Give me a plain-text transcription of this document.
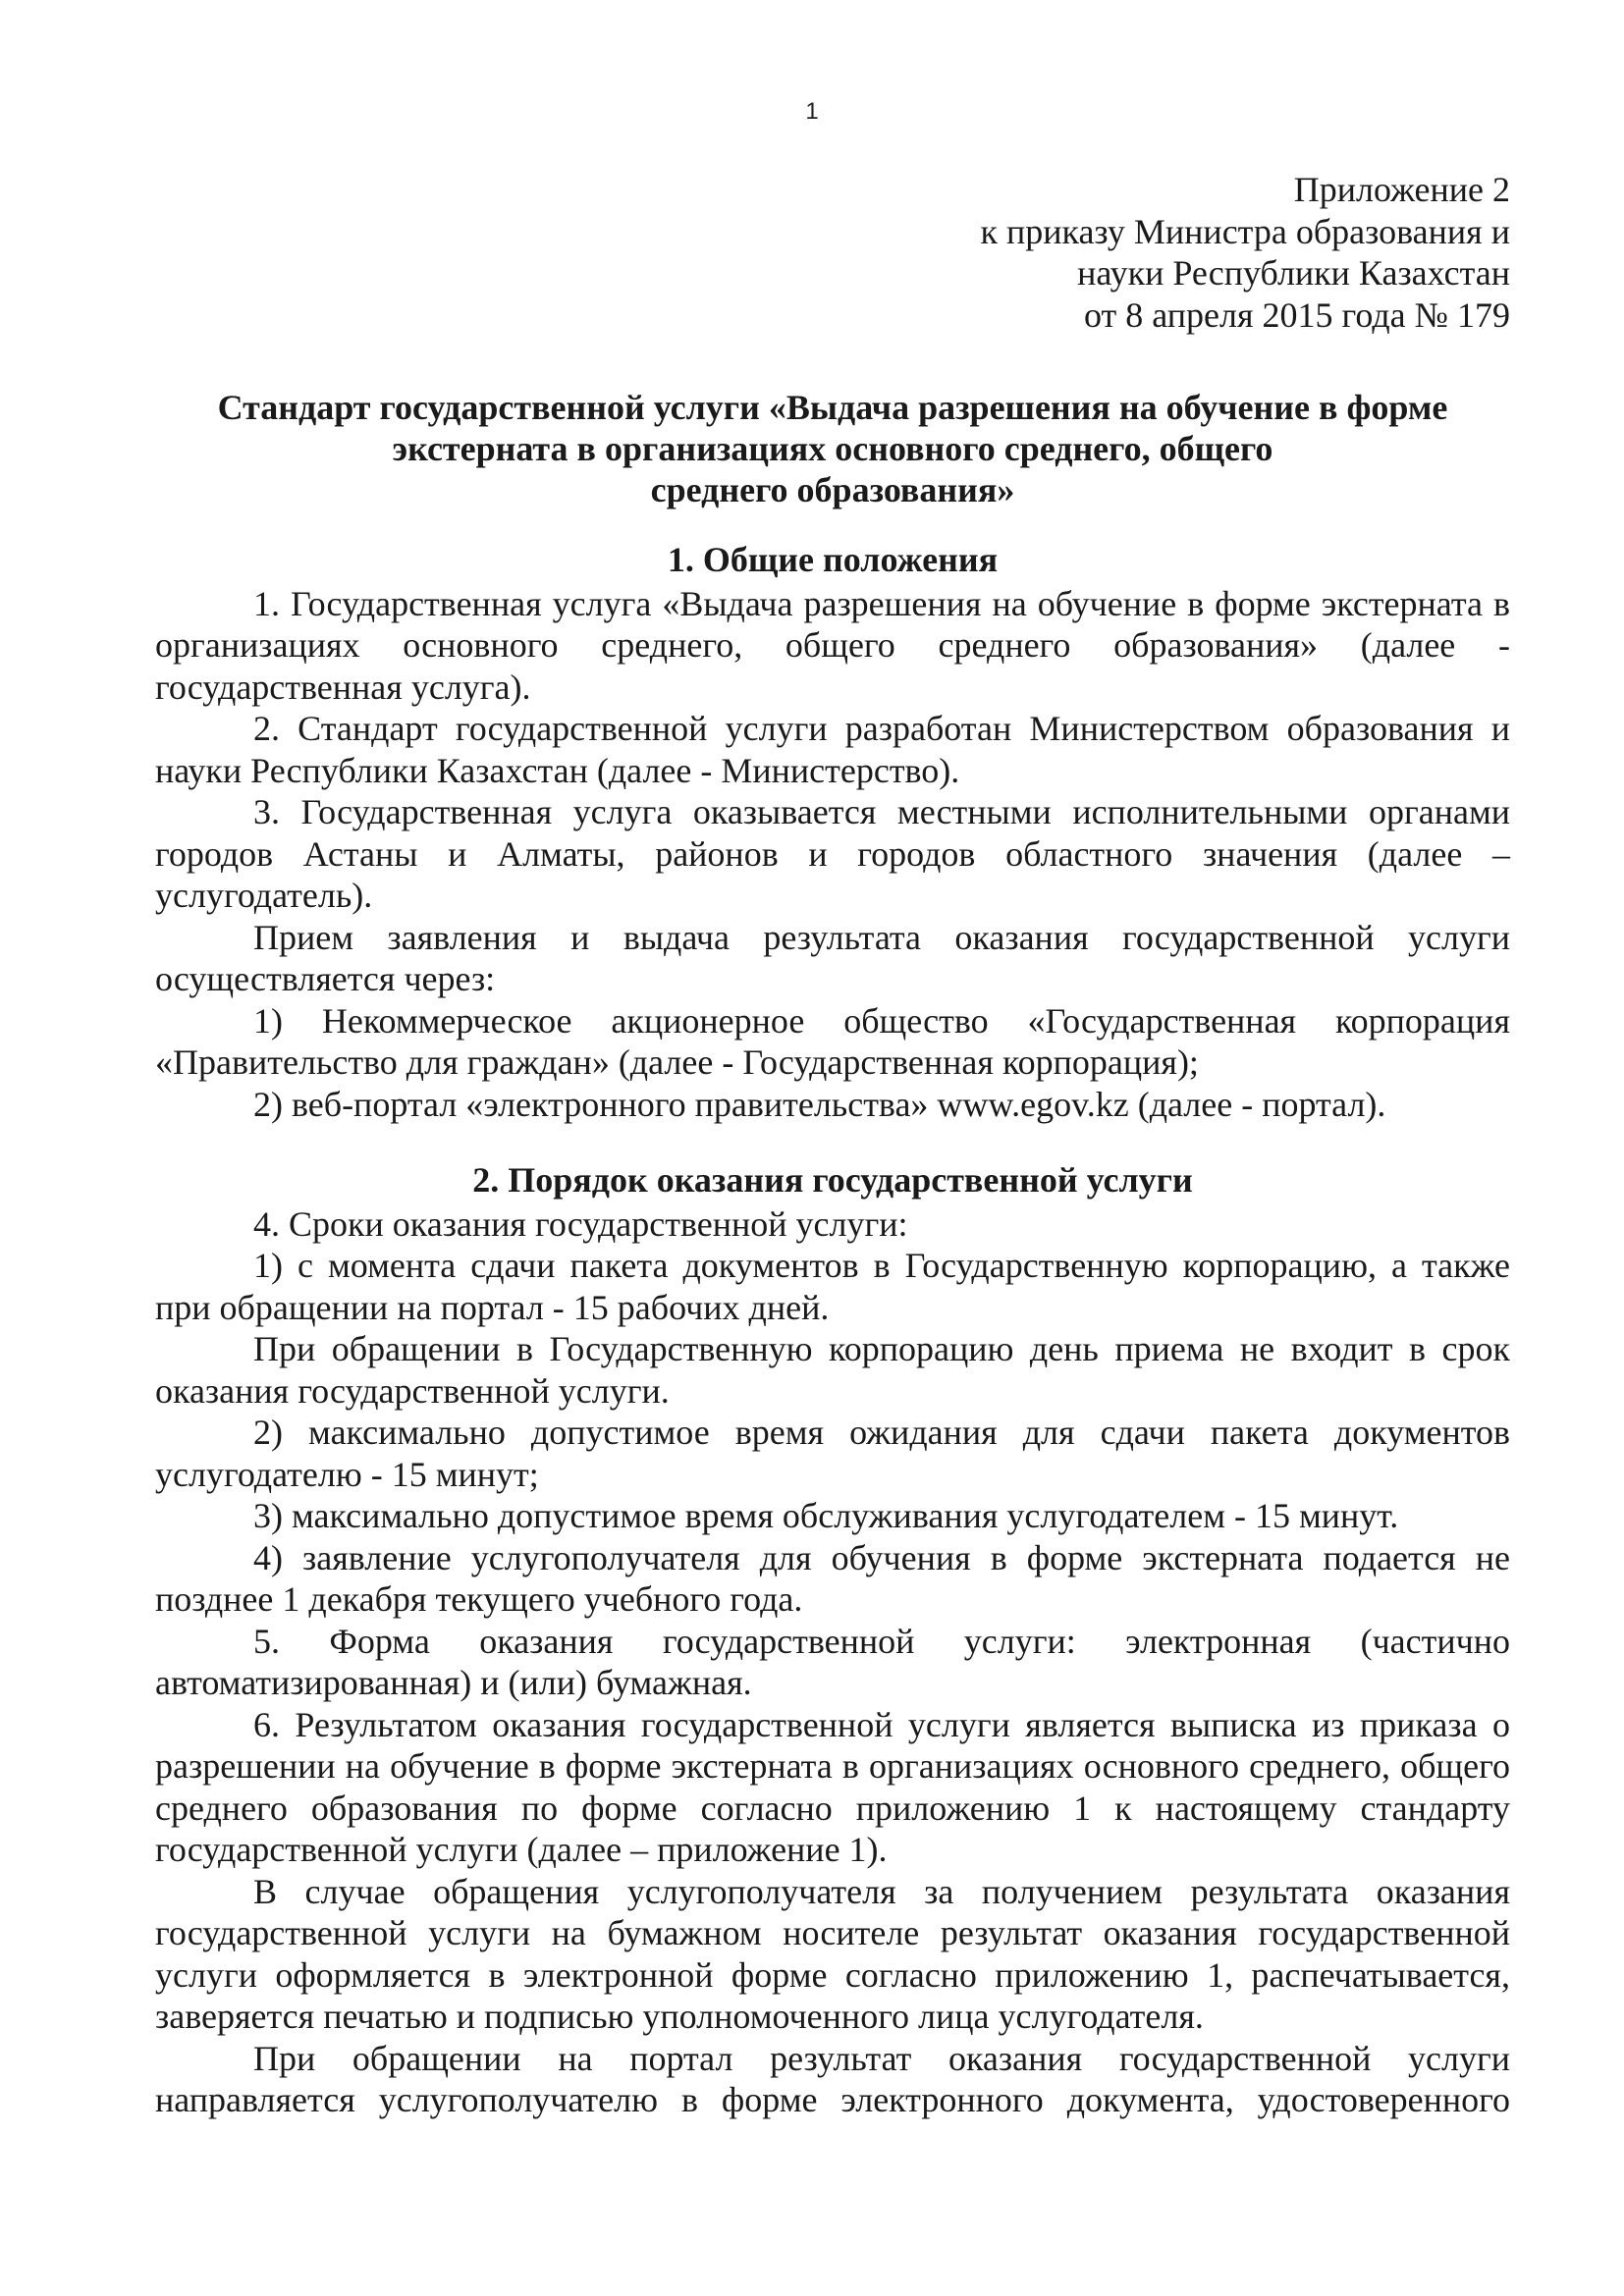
1
Приложение 2
к приказу Министра образования и
науки Республики Казахстан
от 8 апреля 2015 года № 179
Стандарт государственной услуги «Выдача разрешения на обучение в форме
экстерната в организациях основного среднего, общего
среднего образования»
1. Общие положения

1. Государственная услуга «Выдача разрешения на обучение в форме экстерната в организациях основного среднего, общего среднего образования» (далее - государственная услуга).

2. Стандарт государственной услуги разработан Министерством образования и науки Республики Казахстан (далее - Министерство).

3. Государственная услуга оказывается местными исполнительными органами городов Астаны и Алматы, районов и городов областного значения (далее – услугодатель).

Прием заявления и выдача результата оказания государственной услуги осуществляется через:

1) Некоммерческое акционерное общество «Государственная корпорация «Правительство для граждан» (далее - Государственная корпорация);

2) веб-портал «электронного правительства» www.egov.kz (далее - портал).

2. Порядок оказания государственной услуги

4. Сроки оказания государственной услуги:

1) с момента сдачи пакета документов в Государственную корпорацию, а также при обращении на портал - 15 рабочих дней.

При обращении в Государственную корпорацию день приема не входит в срок оказания государственной услуги.

2) максимально допустимое время ожидания для сдачи пакета документов услугодателю - 15 минут;

3) максимально допустимое время обслуживания услугодателем - 15 минут.

4) заявление услугополучателя для обучения в форме экстерната подается не позднее 1 декабря текущего учебного года.

5. Форма оказания государственной услуги: электронная (частично автоматизированная) и (или) бумажная.

6. Результатом оказания государственной услуги является выписка из приказа о разрешении на обучение в форме экстерната в организациях основного среднего, общего среднего образования по форме согласно приложению 1 к настоящему стандарту государственной услуги (далее – приложение 1).

В случае обращения услугополучателя за получением результата оказания государственной услуги на бумажном носителе результат оказания государственной услуги оформляется в электронной форме согласно приложению 1, распечатывается, заверяется печатью и подписью уполномоченного лица услугодателя.

При обращении на портал результат оказания государственной услуги направляется услугополучателю в форме электронного документа, удостоверенного
